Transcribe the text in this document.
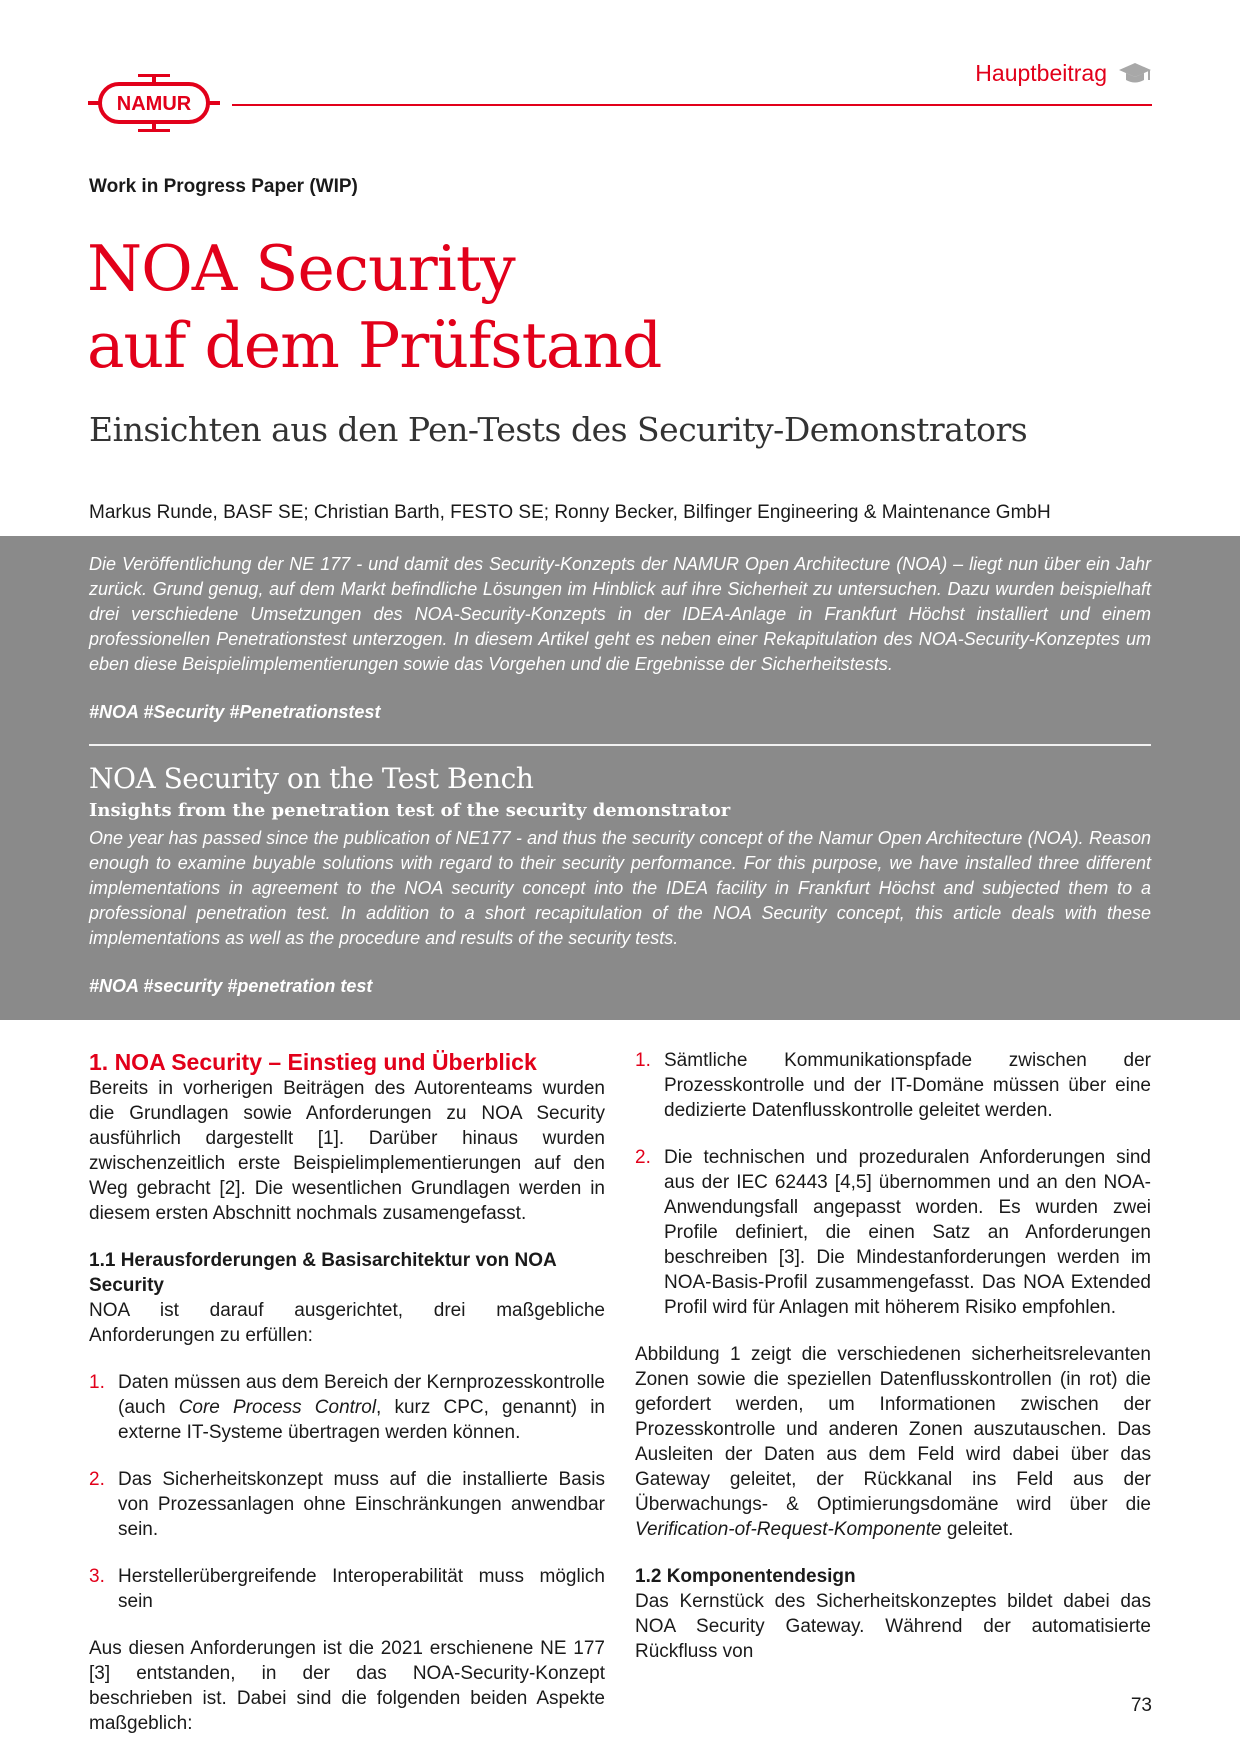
NAMUR
Hauptbeitrag
Work in Progress Paper (WIP)
NOA Security
auf dem Prüfstand
Einsichten aus den Pen-Tests des Security-Demonstrators
Markus Runde, BASF SE; Christian Barth, FESTO SE; Ronny Becker, Bilfinger Engineering & Maintenance GmbH
Die Veröffentlichung der NE 177 - und damit des Security-Konzepts der NAMUR Open Architecture (NOA) – liegt nun über ein Jahr zurück. Grund genug, auf dem Markt befindliche Lösungen im Hinblick auf ihre Sicherheit zu untersuchen. Dazu wurden beispielhaft drei verschiedene Umsetzungen des NOA-Security-Konzepts in der IDEA-Anlage in Frankfurt Höchst installiert und einem professionellen Penetrationstest unterzogen. In diesem Artikel geht es neben einer Rekapitulation des NOA-Security-Konzeptes um eben diese Beispielimplementierungen sowie das Vorgehen und die Ergebnisse der Sicherheitstests.
#NOA #Security #Penetrationstest
NOA Security on the Test Bench
Insights from the penetration test of the security demonstrator
One year has passed since the publication of NE177 - and thus the security concept of the Namur Open Architecture (NOA). Reason enough to examine buyable solutions with regard to their security performance. For this purpose, we have installed three different implementations in agreement to the NOA security concept into the IDEA facility in Frankfurt Höchst and subjected them to a professional penetration test. In addition to a short recapitulation of the NOA Security concept, this article deals with these implementations as well as the procedure and results of the security tests.
#NOA #security #penetration test
1. NOA Security – Einstieg und Überblick

Bereits in vorherigen Beiträgen des Autorenteams wurden die Grundlagen sowie Anforderungen zu NOA Security ausführlich dargestellt [1]. Darüber hinaus wurden zwischenzeitlich erste Beispielimplementierungen auf den Weg gebracht [2]. Die wesentlichen Grundlagen werden in diesem ersten Abschnitt nochmals zusamengefasst.

1.1 Herausforderungen & Basisarchitektur von NOA Security

NOA ist darauf ausgerichtet, drei maßgebliche Anforderungen zu erfüllen:

1. Daten müssen aus dem Bereich der Kernprozesskontrolle (auch Core Process Control, kurz CPC, genannt) in externe IT-Systeme übertragen werden können.
2. Das Sicherheitskonzept muss auf die installierte Basis von Prozessanlagen ohne Einschränkungen anwendbar sein.
3. Herstellerübergreifende Interoperabilität muss möglich sein

Aus diesen Anforderungen ist die 2021 erschienene NE 177 [3] entstanden, in der das NOA-Security-Konzept beschrieben ist. Dabei sind die folgenden beiden Aspekte maßgeblich:

1. Sämtliche Kommunikationspfade zwischen der Prozesskontrolle und der IT-Domäne müssen über eine dedizierte Datenflusskontrolle geleitet werden.
2. Die technischen und prozeduralen Anforderungen sind aus der IEC 62443 [4,5] übernommen und an den NOA-Anwendungsfall angepasst worden. Es wurden zwei Profile definiert, die einen Satz an Anforderungen beschreiben [3]. Die Mindestanforderungen werden im NOA-Basis-Profil zusammengefasst. Das NOA Extended Profil wird für Anlagen mit höherem Risiko empfohlen.

Abbildung 1 zeigt die verschiedenen sicherheitsrelevanten Zonen sowie die speziellen Datenflusskontrollen (in rot) die gefordert werden, um Informationen zwischen der Prozesskontrolle und anderen Zonen auszutauschen. Das Ausleiten der Daten aus dem Feld wird dabei über das Gateway geleitet, der Rückkanal ins Feld aus der Überwachungs- & Optimierungsdomäne wird über die Verification-of-Request-Komponente geleitet.

1.2 Komponentendesign

Das Kernstück des Sicherheitskonzeptes bildet dabei das NOA Security Gateway. Während der automatisierte Rückfluss von

73
